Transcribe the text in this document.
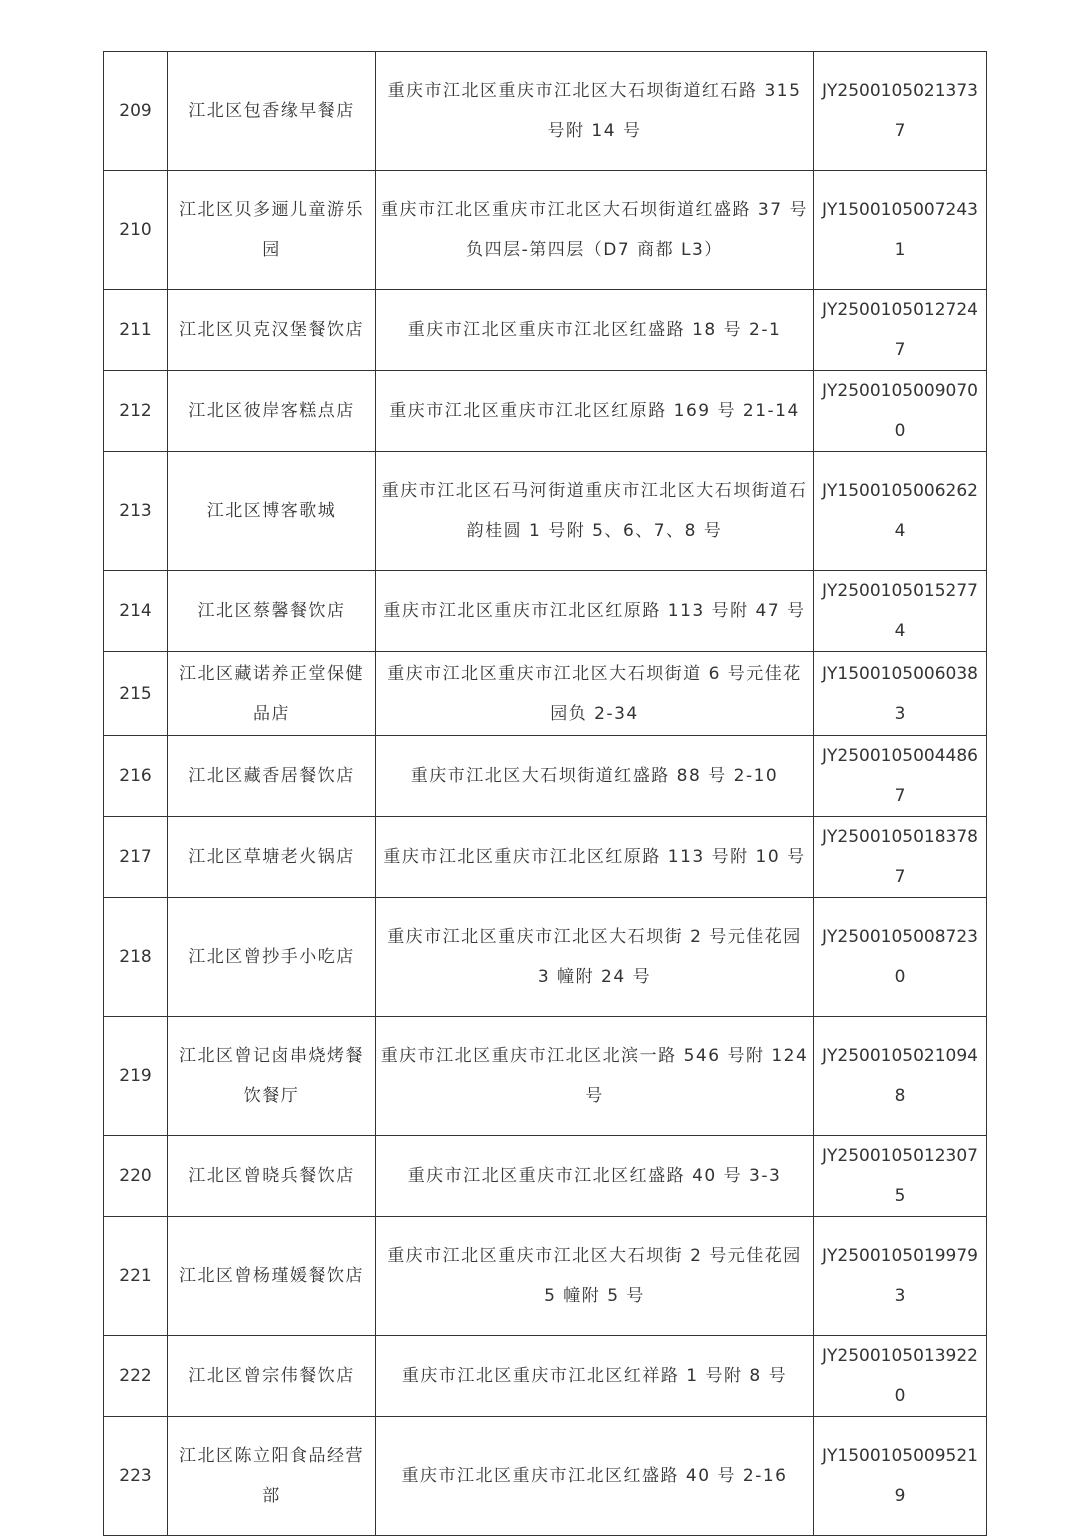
209	江北区包香缘早餐店	重庆市江北区重庆市江北区大石坝街道红石路 315 号附 14 号	JY25001050213737
210	江北区贝多逦儿童游乐园	重庆市江北区重庆市江北区大石坝街道红盛路 37 号负四层-第四层（D7 商都 L3）	JY15001050072431
211	江北区贝克汉堡餐饮店	重庆市江北区重庆市江北区红盛路 18 号 2-1	JY25001050127247
212	江北区彼岸客糕点店	重庆市江北区重庆市江北区红原路 169 号 21-14	JY25001050090700
213	江北区博客歌城	重庆市江北区石马河街道重庆市江北区大石坝街道石韵桂圆 1 号附 5、6、7、8 号	JY15001050062624
214	江北区蔡馨餐饮店	重庆市江北区重庆市江北区红原路 113 号附 47 号	JY25001050152774
215	江北区藏诺养正堂保健品店	重庆市江北区重庆市江北区大石坝街道 6 号元佳花园负 2-34	JY15001050060383
216	江北区藏香居餐饮店	重庆市江北区大石坝街道红盛路 88 号 2-10	JY25001050044867
217	江北区草塘老火锅店	重庆市江北区重庆市江北区红原路 113 号附 10 号	JY25001050183787
218	江北区曾抄手小吃店	重庆市江北区重庆市江北区大石坝街 2 号元佳花园 3 幢附 24 号	JY25001050087230
219	江北区曾记卤串烧烤餐饮餐厅	重庆市江北区重庆市江北区北滨一路 546 号附 124 号	JY25001050210948
220	江北区曾晓兵餐饮店	重庆市江北区重庆市江北区红盛路 40 号 3-3	JY25001050123075
221	江北区曾杨瑾媛餐饮店	重庆市江北区重庆市江北区大石坝街 2 号元佳花园 5 幢附 5 号	JY25001050199793
222	江北区曾宗伟餐饮店	重庆市江北区重庆市江北区红祥路 1 号附 8 号	JY25001050139220
223	江北区陈立阳食品经营部	重庆市江北区重庆市江北区红盛路 40 号 2-16	JY15001050095219
